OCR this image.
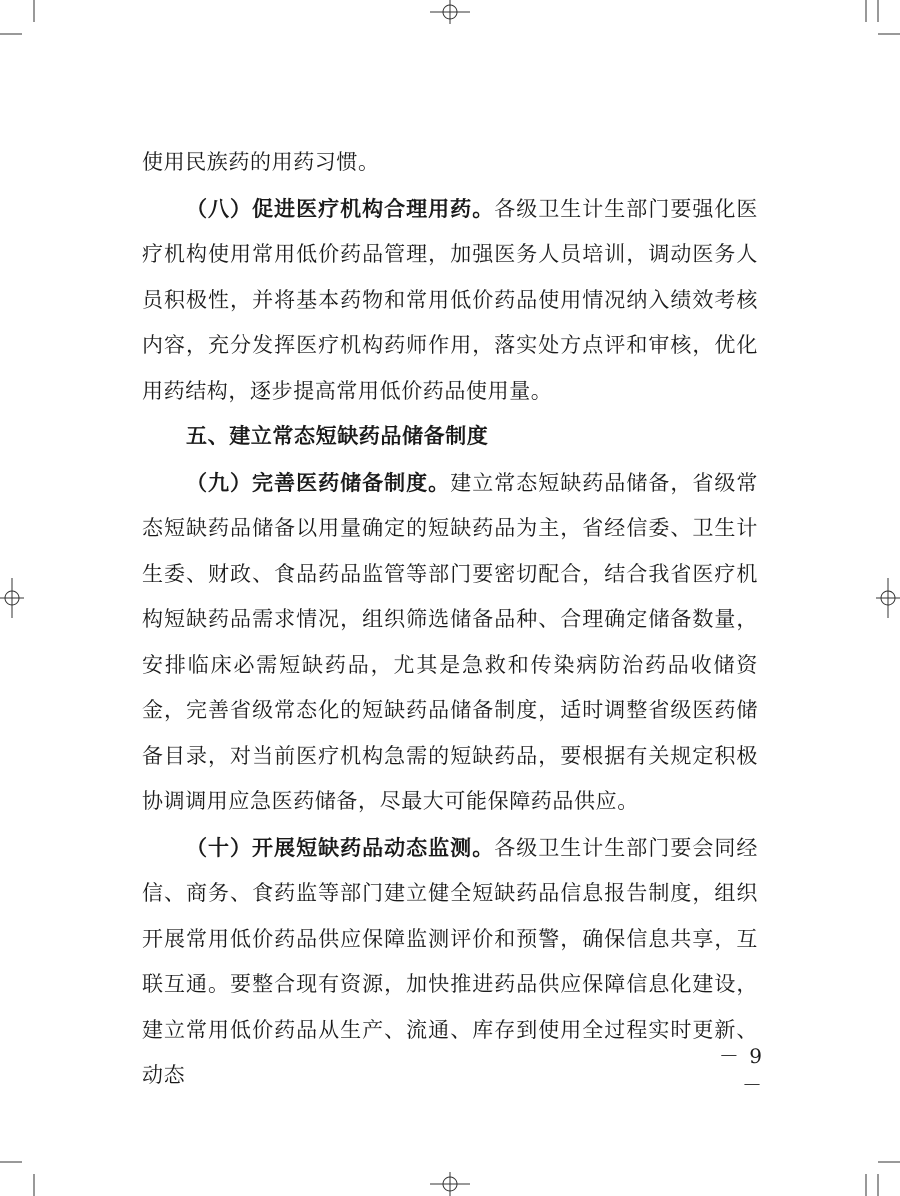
使用民族药的用药习惯。

（八）促进医疗机构合理用药。各级卫生计生部门要强化医疗机构使用常用低价药品管理，加强医务人员培训，调动医务人员积极性，并将基本药物和常用低价药品使用情况纳入绩效考核内容，充分发挥医疗机构药师作用，落实处方点评和审核，优化用药结构，逐步提高常用低价药品使用量。

五、建立常态短缺药品储备制度

（九）完善医药储备制度。建立常态短缺药品储备，省级常态短缺药品储备以用量确定的短缺药品为主，省经信委、卫生计生委、财政、食品药品监管等部门要密切配合，结合我省医疗机构短缺药品需求情况，组织筛选储备品种、合理确定储备数量，安排临床必需短缺药品，尤其是急救和传染病防治药品收储资金，完善省级常态化的短缺药品储备制度，适时调整省级医药储备目录，对当前医疗机构急需的短缺药品，要根据有关规定积极协调调用应急医药储备，尽最大可能保障药品供应。

（十）开展短缺药品动态监测。各级卫生计生部门要会同经信、商务、食药监等部门建立健全短缺药品信息报告制度，组织开展常用低价药品供应保障监测评价和预警，确保信息共享，互联互通。要整合现有资源，加快推进药品供应保障信息化建设，建立常用低价药品从生产、流通、库存到使用全过程实时更新、动态

－ 9 －
